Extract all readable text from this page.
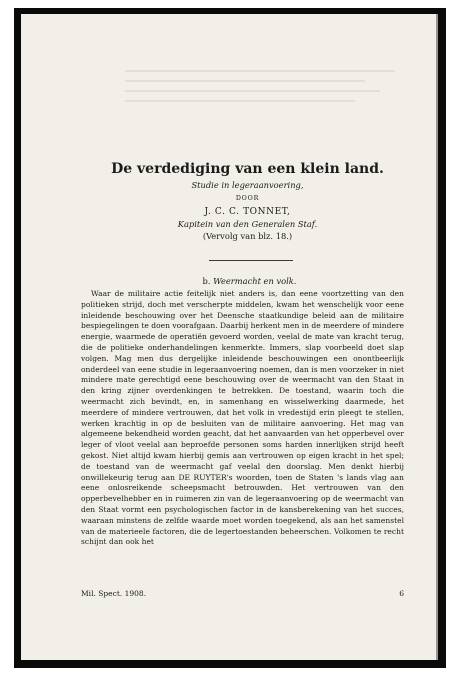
De verdediging van een klein land.

Studie in legeraanvoering,

DOOR

J. C. C. TONNET,

Kapitein van den Generalen Staf.

(Vervolg van blz. 18.)

b. Weermacht en volk.

Waar de militaire actie feitelijk niet anders is, dan eene voortzetting van den politieken strijd, doch met verscherpte middelen, kwam het wenschelijk voor eene inleidende beschouwing over het Deensche staatkundige beleid aan de militaire bespiegelingen te doen voorafgaan. Daarbij herkent men in de meerdere of mindere energie, waarmede de operatiën gevoerd worden, veelal de mate van kracht terug, die de politieke onderhandelingen kenmerkte. Immers, slap voorbeeld doet slap volgen. Mag men dus dergelijke inleidende beschouwingen een onontbeerlijk onderdeel van eene studie in legeraanvoering noemen, dan is men voorzeker in niet mindere mate gerechtigd eene beschouwing over de weermacht van den Staat in den kring zijner overdenkingen te betrekken. De toestand, waarin toch die weermacht zich bevindt, en, in samenhang en wisselwerking daarmede, het meerdere of mindere vertrouwen, dat het volk in vredestijd erin pleegt te stellen, werken krachtig in op de besluiten van de militaire aanvoering. Het mag van algemeene bekendheid worden geacht, dat het aanvaarden van het opperbevel over leger of vloot veelal aan beproefde personen soms harden innerlijken strijd heeft gekost. Niet altijd kwam hierbij gemis aan vertrouwen op eigen kracht in het spel; de toestand van de weermacht gaf veelal den doorslag. Men denkt hierbij onwillekeurig terug aan DE RUYTER's woorden, toen de Staten 's lands vlag aan eene onlosreikende scheepsmacht betrouwden. Het vertrouwen van den opperbevelhebber en in ruimeren zin van de legeraanvoering op de weermacht van den Staat vormt een psychologischen factor in de kansberekening van het succes, waaraan minstens de zelfde waarde moet worden toegekend, als aan het samenstel van de materieele factoren, die de legertoestanden beheerschen. Volkomen te recht schijnt dan ook het

Mil. Spect. 1908.	6
